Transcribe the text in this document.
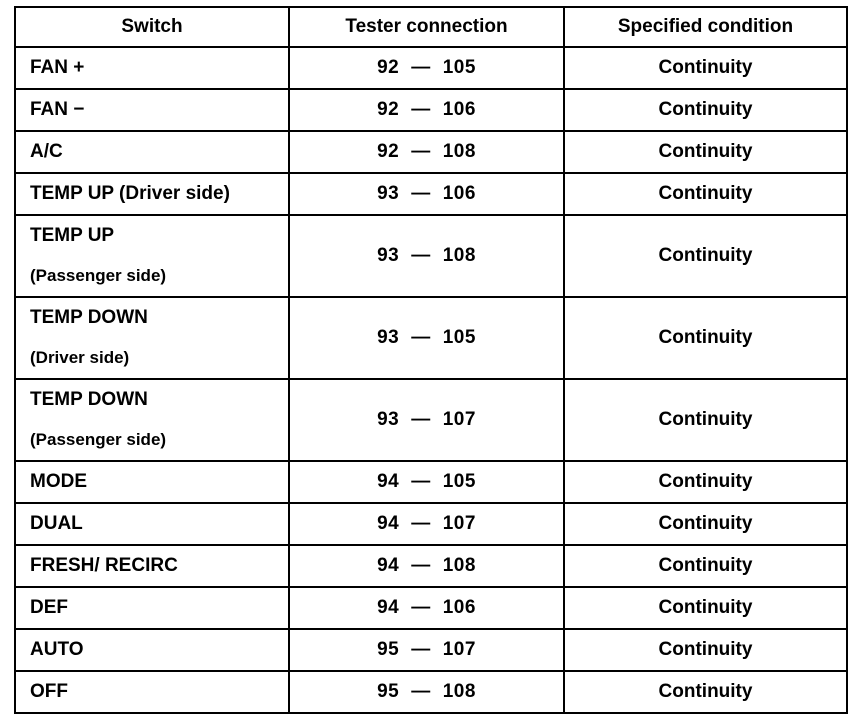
Switch	Tester connection	Specified condition

FAN +	92 — 105	Continuity

FAN −	92 — 106	Continuity

A/C	92 — 108	Continuity

TEMP UP (Driver side)	93 — 106	Continuity

TEMP UP
(Passenger side)	93 — 108	Continuity

TEMP DOWN
(Driver side)	93 — 105	Continuity

TEMP DOWN
(Passenger side)	93 — 107	Continuity

MODE	94 — 105	Continuity

DUAL	94 — 107	Continuity

FRESH/ RECIRC	94 — 108	Continuity

DEF	94 — 106	Continuity

AUTO	95 — 107	Continuity

OFF	95 — 108	Continuity
